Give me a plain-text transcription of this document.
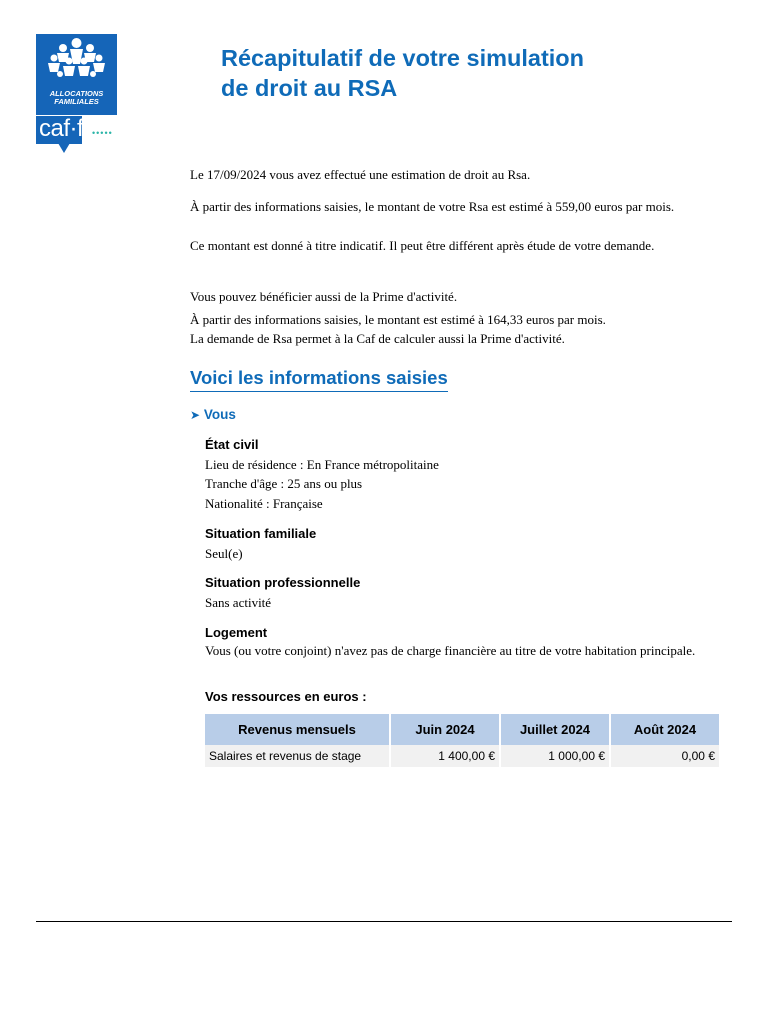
ALLOCATIONS
FAMILIALES
caf·fr •••••
Récapitulatif de votre simulation
de droit au RSA
Le 17/09/2024 vous avez effectué une estimation de droit au Rsa.
À partir des informations saisies, le montant de votre Rsa est estimé à 559,00 euros par mois.
Ce montant est donné à titre indicatif. Il peut être différent après étude de votre demande.
Vous pouvez bénéficier aussi de la Prime d'activité.
À partir des informations saisies, le montant est estimé à 164,33 euros par mois.
La demande de Rsa permet à la Caf de calculer aussi la Prime d'activité.
Voici les informations saisies
➤ Vous
État civil
Lieu de résidence : En France métropolitaine
Tranche d'âge : 25 ans ou plus
Nationalité : Française
Situation familiale
Seul(e)
Situation professionnelle
Sans activité
Logement
Vous (ou votre conjoint) n'avez pas de charge financière au titre de votre habitation principale.
Vos ressources en euros :
Revenus mensuels	Juin 2024	Juillet 2024	Août 2024
Salaires et revenus de stage	1 400,00 €	1 000,00 €	0,00 €
